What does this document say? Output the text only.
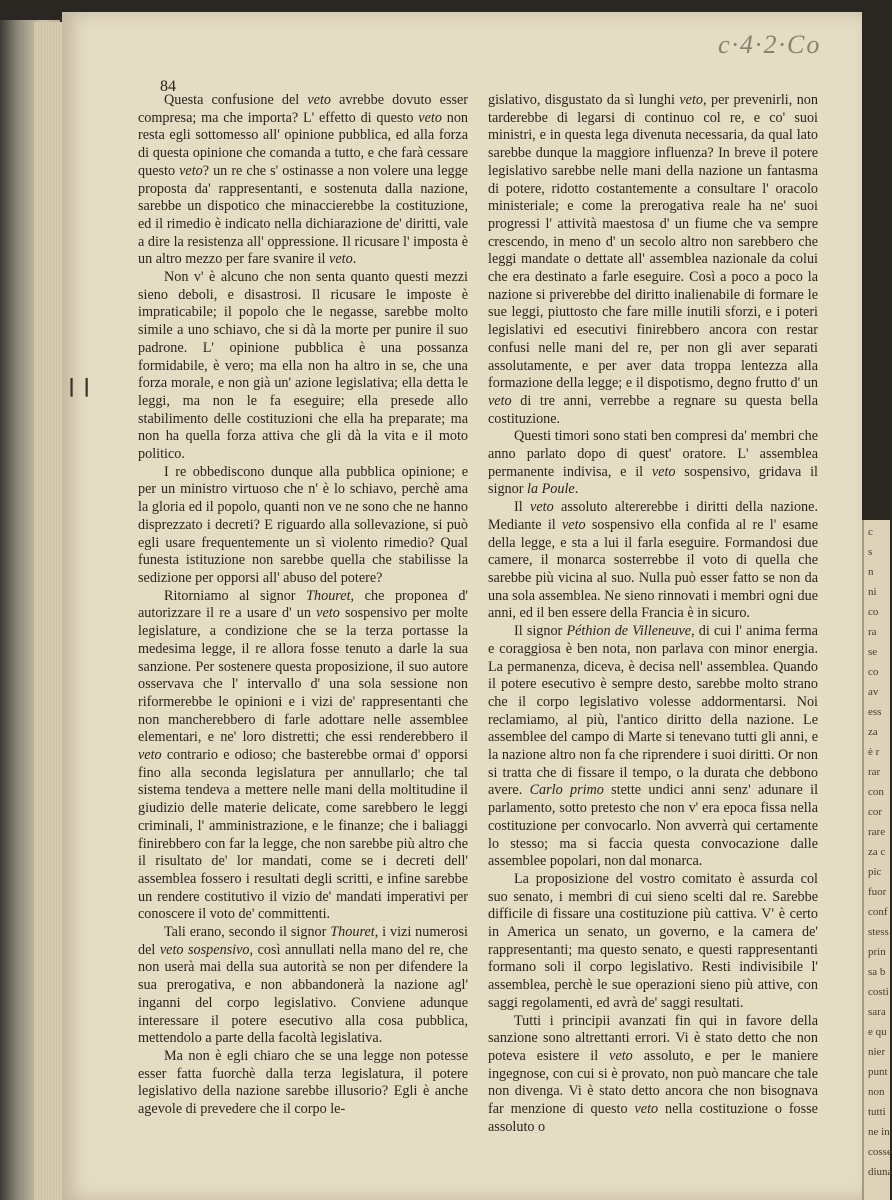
c·4·2·Co
84
❘❘

Questa confusione del veto avrebbe dovuto esser compresa; ma che importa? L' effetto di questo veto non resta egli sottomesso all' opinione pubblica, ed alla forza di questa opinione che comanda a tutto, e che farà cessare questo veto? un re che s' ostinasse a non volere una legge proposta da' rappresentanti, e sostenuta dalla nazione, sarebbe un dispotico che minaccierebbe la costituzione, ed il rimedio è indicato nella dichiarazione de' diritti, vale a dire la resistenza all' oppressione. Il ricusare l' imposta è un altro mezzo per fare svanire il veto.

Non v' è alcuno che non senta quanto questi mezzi sieno deboli, e disastrosi. Il ricusare le imposte è impraticabile; il popolo che le negasse, sarebbe molto simile a uno schiavo, che si dà la morte per punire il suo padrone. L' opinione pubblica è una possanza formidabile, è vero; ma ella non ha altro in se, che una forza morale, e non già un' azione legislativa; ella detta le leggi, ma non le fa eseguire; ella presede allo stabilimento delle costituzioni che ella ha preparate; ma non ha quella forza attiva che gli dà la vita e il moto politico.

I re obbediscono dunque alla pubblica opinione; e per un ministro virtuoso che n' è lo schiavo, perchè ama la gloria ed il popolo, quanti non ve ne sono che ne hanno disprezzato i decreti? E riguardo alla sollevazione, si può egli usare frequentemente un sì violento rimedio? Qual funesta istituzione non sarebbe quella che stabilisse la sedizione per opporsi all' abuso del potere?

Ritorniamo al signor Thouret, che proponea d' autorizzare il re a usare d' un veto sospensivo per molte legislature, a condizione che se la terza portasse la medesima legge, il re allora fosse tenuto a darle la sua sanzione. Per sostenere questa proposizione, il suo autore osservava che l' intervallo d' una sola sessione non riformerebbe le opinioni e i vizi de' rappresentanti che non mancherebbero di farle adottare nelle assemblee elementari, e ne' loro distretti; che essi renderebbero il veto contrario e odioso; che basterebbe ormai d' opporsi fino alla seconda legislatura per annullarlo; che tal sistema tendeva a mettere nelle mani della moltitudine il giudizio delle materie delicate, come sarebbero le leggi criminali, l' amministrazione, e le finanze; che i baliaggi finirebbero con far la legge, che non sarebbe più altro che il risultato de' lor mandati, come se i decreti dell' assemblea fossero i resultati degli scritti, e infine sarebbe un rendere costitutivo il vizio de' mandati imperativi per conoscere il voto de' committenti.

Tali erano, secondo il signor Thouret, i vizi numerosi del veto sospensivo, così annullati nella mano del re, che non userà mai della sua autorità se non per difendere la sua prerogativa, e non abbandonerà la nazione agl' inganni del corpo legislativo. Conviene adunque interessare il potere esecutivo alla cosa pubblica, mettendolo a parte della facoltà legislativa.

Ma non è egli chiaro che se una legge non potesse esser fatta fuorchè dalla terza legislatura, il potere legislativo della nazione sarebbe illusorio? Egli è anche agevole di prevedere che il corpo le-

gislativo, disgustato da sì lunghi veto, per prevenirli, non tarderebbe di legarsi di continuo col re, e co' suoi ministri, e in questa lega divenuta necessaria, da qual lato sarebbe dunque la maggiore influenza? In breve il potere legislativo sarebbe nelle mani della nazione un fantasma di potere, ridotto costantemente a consultare l' oracolo ministeriale; e come la prerogativa reale ha ne' suoi progressi l' attività maestosa d' un fiume che va sempre crescendo, in meno d' un secolo altro non sarebbero che leggi mandate o dettate all' assemblea nazionale da colui che era destinato a farle eseguire. Così a poco a poco la nazione si priverebbe del diritto inalienabile di formare le sue leggi, piuttosto che fare mille inutili sforzi, e i poteri legislativi ed esecutivi finirebbero ancora con restar confusi nelle mani del re, per non gli aver separati assolutamente, e per aver data troppa lentezza alla formazione della legge; e il dispotismo, degno frutto d' un veto di tre anni, verrebbe a regnare su questa bella costituzione.

Questi timori sono stati ben compresi da' membri che anno parlato dopo di quest' oratore. L' assemblea permanente indivisa, e il veto sospensivo, gridava il signor la Poule.

Il veto assoluto altererebbe i diritti della nazione. Mediante il veto sospensivo ella confida al re l' esame della legge, e sta a lui il farla eseguire. Formandosi due camere, il monarca sosterrebbe il voto di quella che sarebbe più vicina al suo. Nulla può esser fatto se non da una sola assemblea. Ne sieno rinnovati i membri ogni due anni, ed il ben essere della Francia è in sicuro.

Il signor Péthion de Villeneuve, di cui l' anima ferma e coraggiosa è ben nota, non parlava con minor energia. La permanenza, diceva, è decisa nell' assemblea. Quando il potere esecutivo è sempre desto, sarebbe molto strano che il corpo legislativo volesse addormentarsi. Noi reclamiamo, al più, l'antico diritto della nazione. Le assemblee del campo di Marte si tenevano tutti gli anni, e la nazione altro non fa che riprendere i suoi diritti. Or non si tratta che di fissare il tempo, o la durata che debbono avere. Carlo primo stette undici anni senz' adunare il parlamento, sotto pretesto che non v' era epoca fissa nella costituzione per convocarlo. Non avverrà qui certamente lo stesso; ma si faccia questa convocazione dalle assemblee popolari, non dal monarca.

La proposizione del vostro comitato è assurda col suo senato, i membri di cui sieno scelti dal re. Sarebbe difficile di fissare una costituzione più cattiva. V' è certo in America un senato, un governo, e la camera de' rappresentanti; ma questo senato, e questi rappresentanti formano soli il corpo legislativo. Resti indivisibile l' assemblea, perchè le sue operazioni sieno più attive, con saggi regolamenti, ed avrà de' saggi resultati.

Tutti i principii avanzati fin qui in favore della sanzione sono altrettanti errori. Vi è stato detto che non poteva esistere il veto assoluto, e per le maniere ingegnose, con cui si è provato, non può mancare che tale non divenga. Vi è stato detto ancora che non bisognava far menzione di questo veto nella costituzione o fosse assoluto o

c
s
n
ni
co
ra
se
co
av
ess
za
è r
rar
con
cor
rare
za c
pic
fuor
conf
stess
prin
sa b
costi
sara
e qu
nier
punt
non
tutti
ne in
cosse
diuna
